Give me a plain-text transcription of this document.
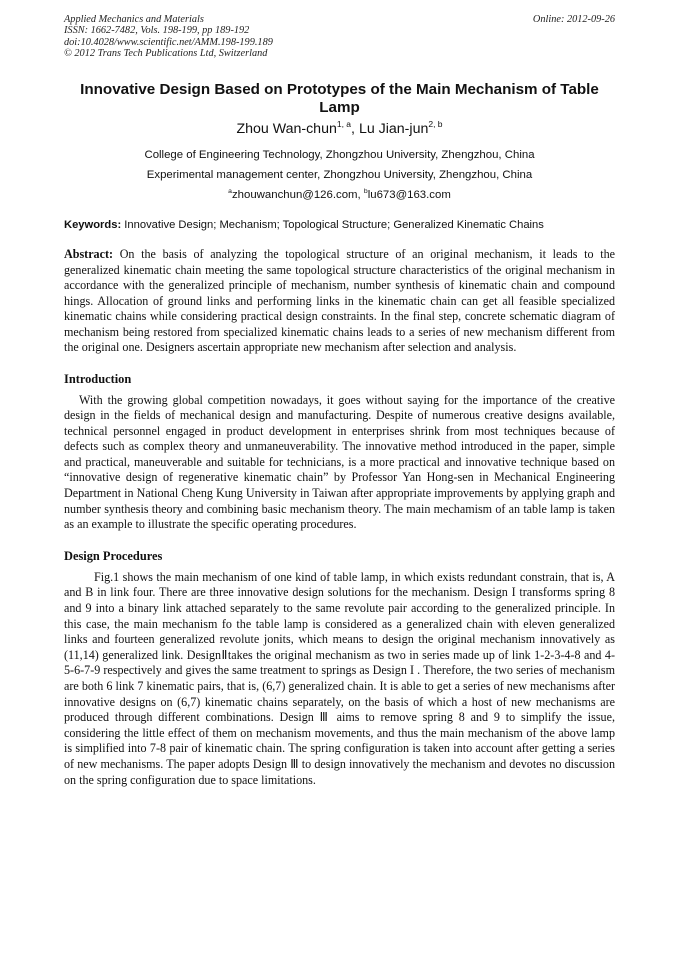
Applied Mechanics and Materials
ISSN: 1662-7482, Vols. 198-199, pp 189-192
doi:10.4028/www.scientific.net/AMM.198-199.189
© 2012 Trans Tech Publications Ltd, Switzerland
Online: 2012-09-26
Innovative Design Based on Prototypes of the Main Mechanism of Table Lamp
Zhou Wan-chun$^{1, a}$, Lu Jian-jun$^{2, b}$
College of Engineering Technology, Zhongzhou University, Zhengzhou, China
Experimental management center, Zhongzhou University, Zhengzhou, China
$^a$zhouwanchun@126.com, $^b$lu673@163.com
Keywords: Innovative Design; Mechanism; Topological Structure; Generalized Kinematic Chains
Abstract: On the basis of analyzing the topological structure of an original mechanism, it leads to the generalized kinematic chain meeting the same topological structure characteristics of the original mechanism in accordance with the generalized principle of mechanism, number synthesis of kinematic chain and compound hings. Allocation of ground links and performing links in the kinematic chain can get all feasible specialized kinematic chains while considering practical design constraints. In the final step, concrete schematic diagram of mechanism being restored from specialized kinematic chains leads to a series of new mechanism different from the original one. Designers ascertain appropriate new mechanism after selection and analysis.
Introduction
With the growing global competition nowadays, it goes without saying for the importance of the creative design in the fields of mechanical design and manufacturing. Despite of numerous creative designs available, technical personnel engaged in product development in enterprises shrink from most techniques because of defects such as complex theory and unmaneuverability. The innovative method introduced in the paper, simple and practical, maneuverable and suitable for technicians, is a more practical and innovative technique based on “innovative design of regenerative kinematic chain” by Professor Yan Hong-sen in Mechanical Engineering Department in National Cheng Kung University in Taiwan after appropriate improvements by applying graph and number synthesis theory and combining basic mechanism theory. The main mechamism of an table lamp is taken as an example to illustrate the specific operating procedures.
Design Procedures
Fig.1 shows the main mechanism of one kind of table lamp, in which exists redundant constrain, that is, A and B in link four. There are three innovative design solutions for the mechanism. Design I transforms spring 8 and 9 into a binary link attached separately to the same revolute pair according to the generalized principle. In this case, the main mechanism fo the table lamp is considered as a generalized chain with eleven generalized links and fourteen generalized revolute jonits, which means to design the original mechanism innovatively as (11,14) generalized link. DesignⅡtakes the original mechanism as two in series made up of link 1-2-3-4-8 and 4-5-6-7-9 respectively and gives the same treatment to springs as Design I . Therefore, the two series of mechanism are both 6 link 7 kinematic pairs, that is, (6,7) generalized chain. It is able to get a series of new mechanisms after innovative designs on (6,7) kinematic chains separately, on the basis of which a host of new mechanisms are produced through different combinations. Design Ⅲ aims to remove spring 8 and 9 to simplify the issue, considering the little effect of them on mechanism movements, and thus the main mechanism of the above lamp is simplified into 7-8 pair of kinematic chain. The spring configuration is taken into account after getting a series of new mechanisms. The paper adopts Design Ⅲ to design innovatively the mechanism and devotes no discussion on the spring configuration due to space limitations.
